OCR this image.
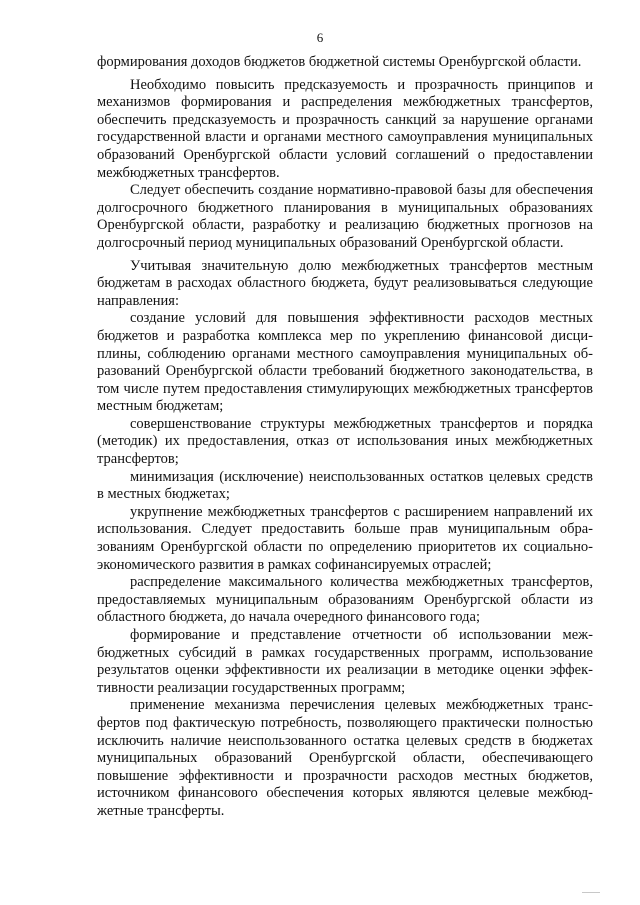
6

формирования доходов бюджетов бюджетной системы Оренбургской области.

Необходимо повысить предсказуемость и прозрачность принципов и механизмов формирования и распределения межбюджетных трансфертов, обеспечить предсказуемость и прозрачность санкций за нарушение органами государственной власти и органами местного самоуправления муниципальных образований Оренбургской области условий соглашений о предоставлении межбюджетных трансфертов.

Следует обеспечить создание нормативно-правовой базы для обеспечения долгосрочного бюджетного планирования в муниципальных образованиях Оренбургской области, разработку и реализацию бюджетных прогнозов на долгосрочный период муниципальных образований Оренбургской области.

Учитывая значительную долю межбюджетных трансфертов местным бюджетам в расходах областного бюджета, будут реализовываться следующие направления:

создание условий для повышения эффективности расходов местных бюджетов и разработка комплекса мер по укреплению финансовой дисциплины, соблюдению органами местного самоуправления муниципальных образований Оренбургской области требований бюджетного законодательства, в том числе путем предоставления стимулирующих межбюджетных трансфертов местным бюджетам;

совершенствование структуры межбюджетных трансфертов и порядка (методик) их предоставления, отказ от использования иных межбюджетных трансфертов;

минимизация (исключение) неиспользованных остатков целевых средств в местных бюджетах;

укрупнение межбюджетных трансфертов с расширением направлений их использования. Следует предоставить больше прав муниципальным образованиям Оренбургской области по определению приоритетов их социально-экономического развития в рамках софинансируемых отраслей;

распределение максимального количества межбюджетных трансфертов, предоставляемых муниципальным образованиям Оренбургской области из областного бюджета, до начала очередного финансового года;

формирование и представление отчетности об использовании межбюджетных субсидий в рамках государственных программ, использование результатов оценки эффективности их реализации в методике оценки эффективности реализации государственных программ;

применение механизма перечисления целевых межбюджетных трансфертов под фактическую потребность, позволяющего практически полностью исключить наличие неиспользованного остатка целевых средств в бюджетах муниципальных образований Оренбургской области, обеспечивающего повышение эффективности и прозрачности расходов местных бюджетов, источником финансового обеспечения которых являются целевые межбюджетные трансферты.
